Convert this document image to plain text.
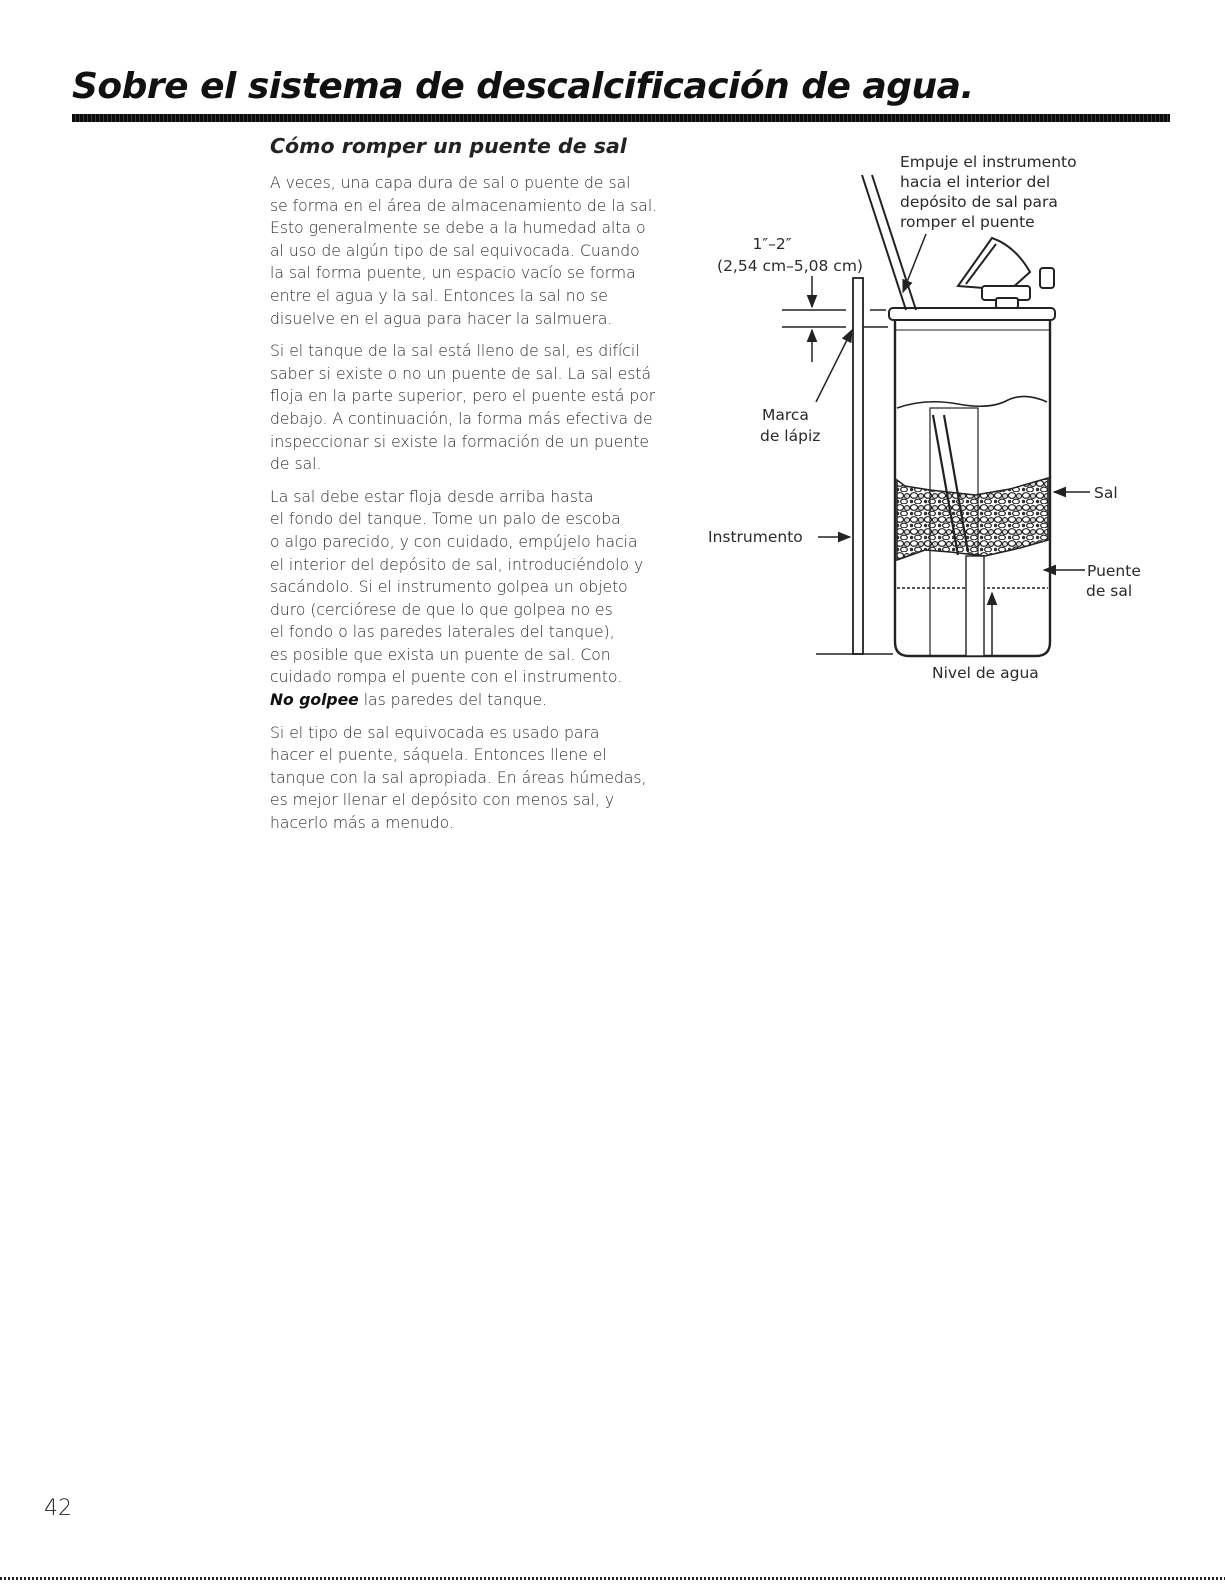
Sobre el sistema de descalcificación de agua.
Cómo romper un puente de sal

A veces, una capa dura de sal o puente de sal
se forma en el área de almacenamiento de la sal.
Esto generalmente se debe a la humedad alta o
al uso de algún tipo de sal equivocada. Cuando
la sal forma puente, un espacio vacío se forma
entre el agua y la sal. Entonces la sal no se
disuelve en el agua para hacer la salmuera.

Si el tanque de la sal está lleno de sal, es difícil
saber si existe o no un puente de sal. La sal está
floja en la parte superior, pero el puente está por
debajo. A continuación, la forma más efectiva de
inspeccionar si existe la formación de un puente
de sal.

La sal debe estar floja desde arriba hasta
el fondo del tanque. Tome un palo de escoba
o algo parecido, y con cuidado, empújelo hacia
el interior del depósito de sal, introduciéndolo y
sacándolo. Si el instrumento golpea un objeto
duro (cerciórese de que lo que golpea no es
el fondo o las paredes laterales del tanque),
es posible que exista un puente de sal. Con
cuidado rompa el puente con el instrumento.
No golpee las paredes del tanque.

Si el tipo de sal equivocada es usado para
hacer el puente, sáquela. Entonces llene el
tanque con la sal apropiada. En áreas húmedas,
es mejor llenar el depósito con menos sal, y
hacerlo más a menudo.

Empuje el instrumento hacia el interior del depósito de sal para romper el puente
1″–2″
(2,54 cm–5,08 cm)
Marca de lápiz
Instrumento
Sal
Puente de sal
Nivel de agua
42
